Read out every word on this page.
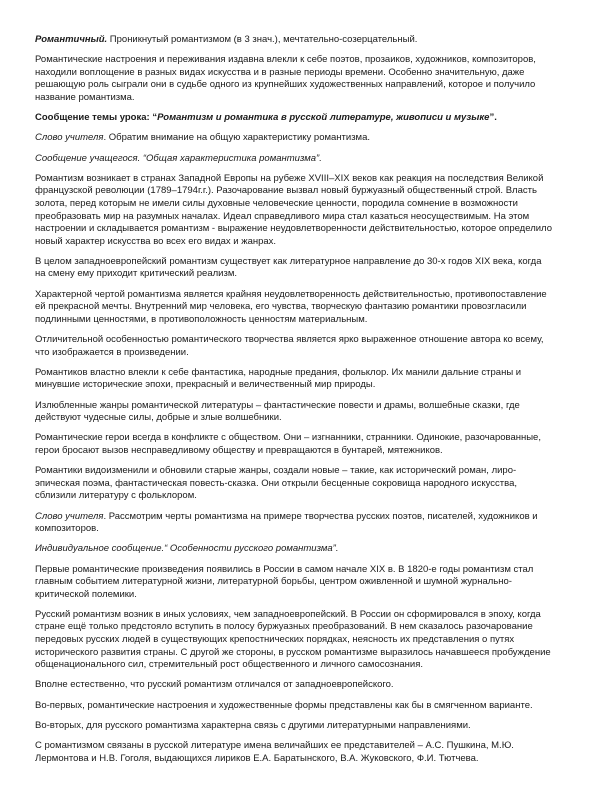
Романтичный. Проникнутый романтизмом (в 3 знач.), мечтательно-созерцательный.

Романтические настроения и переживания издавна влекли к себе поэтов, прозаиков, художников, композиторов, находили воплощение в разных видах искусства и в разные периоды времени. Особенно значительную, даже решающую роль сыграли они в судьбе одного из крупнейших художественных направлений, которое и получило название романтизма.

Сообщение темы урока: “Романтизм и романтика в русской литературе, живописи и музыке”.

Слово учителя. Обратим внимание на общую характеристику романтизма.

Сообщение учащегося. “Общая характеристика романтизма”.

Романтизм возникает в странах Западной Европы на рубеже XVIII–XIX веков как реакция на последствия Великой французской революции (1789–1794г.г.). Разочарование вызвал новый буржуазный общественный строй. Власть золота, перед которым не имели силы духовные человеческие ценности, породила сомнение в возможности преобразовать мир на разумных началах. Идеал справедливого мира стал казаться неосуществимым. На этом настроении и складывается романтизм - выражение неудовлетворенности действительностью, которое определило новый характер искусства во всех его видах и жанрах.

В целом западноевропейский романтизм существует как литературное направление до 30-х годов XIX века, когда на смену ему приходит критический реализм.

Характерной чертой романтизма является крайняя неудовлетворенность действительностью, противопоставление ей прекрасной мечты. Внутренний мир человека, его чувства, творческую фантазию романтики провозгласили подлинными ценностями, в противоположность ценностям материальным.

Отличительной особенностью романтического творчества является ярко выраженное отношение автора ко всему, что изображается в произведении.

Романтиков властно влекли к себе фантастика, народные предания, фольклор. Их манили дальние страны и минувшие исторические эпохи, прекрасный и величественный мир природы.

Излюбленные жанры романтической литературы – фантастические повести и драмы, волшебные сказки, где действуют чудесные силы, добрые и злые волшебники.

Романтические герои всегда в конфликте с обществом. Они – изгнанники, странники. Одинокие, разочарованные, герои бросают вызов несправедливому обществу и превращаются в бунтарей, мятежников.

Романтики видоизменили и обновили старые жанры, создали новые – такие, как исторический роман, лиро-эпическая поэма, фантастическая повесть-сказка. Они открыли бесценные сокровища народного искусства, сблизили литературу с фольклором.

Слово учителя. Рассмотрим черты романтизма на примере творчества русских поэтов, писателей, художников и композиторов.

Индивидуальное сообщение.“ Особенности русского романтизма”.

Первые романтические произведения появились в России в самом начале XIX в. В 1820-е годы романтизм стал главным событием литературной жизни, литературной борьбы, центром оживленной и шумной журнально-критической полемики.

Русский романтизм возник в иных условиях, чем западноевропейский. В России он сформировался в эпоху, когда стране ещё только предстояло вступить в полосу буржуазных преобразований. В нем сказалось разочарование передовых русских людей в существующих крепостнических порядках, неясность их представления о путях исторического развития страны. С другой же стороны, в русском романтизме выразилось начавшееся пробуждение общенационального сил, стремительный рост общественного и личного самосознания.

Вполне естественно, что русский романтизм отличался от западноевропейского.

Во-первых, романтические настроения и художественные формы представлены как бы в смягченном варианте.

Во-вторых, для русского романтизма характерна связь с другими литературными направлениями.

С романтизмом связаны в русской литературе имена величайших ее представителей – А.С. Пушкина, М.Ю. Лермонтова и Н.В. Гоголя, выдающихся лириков Е.А. Баратынского, В.А. Жуковского, Ф.И. Тютчева.
